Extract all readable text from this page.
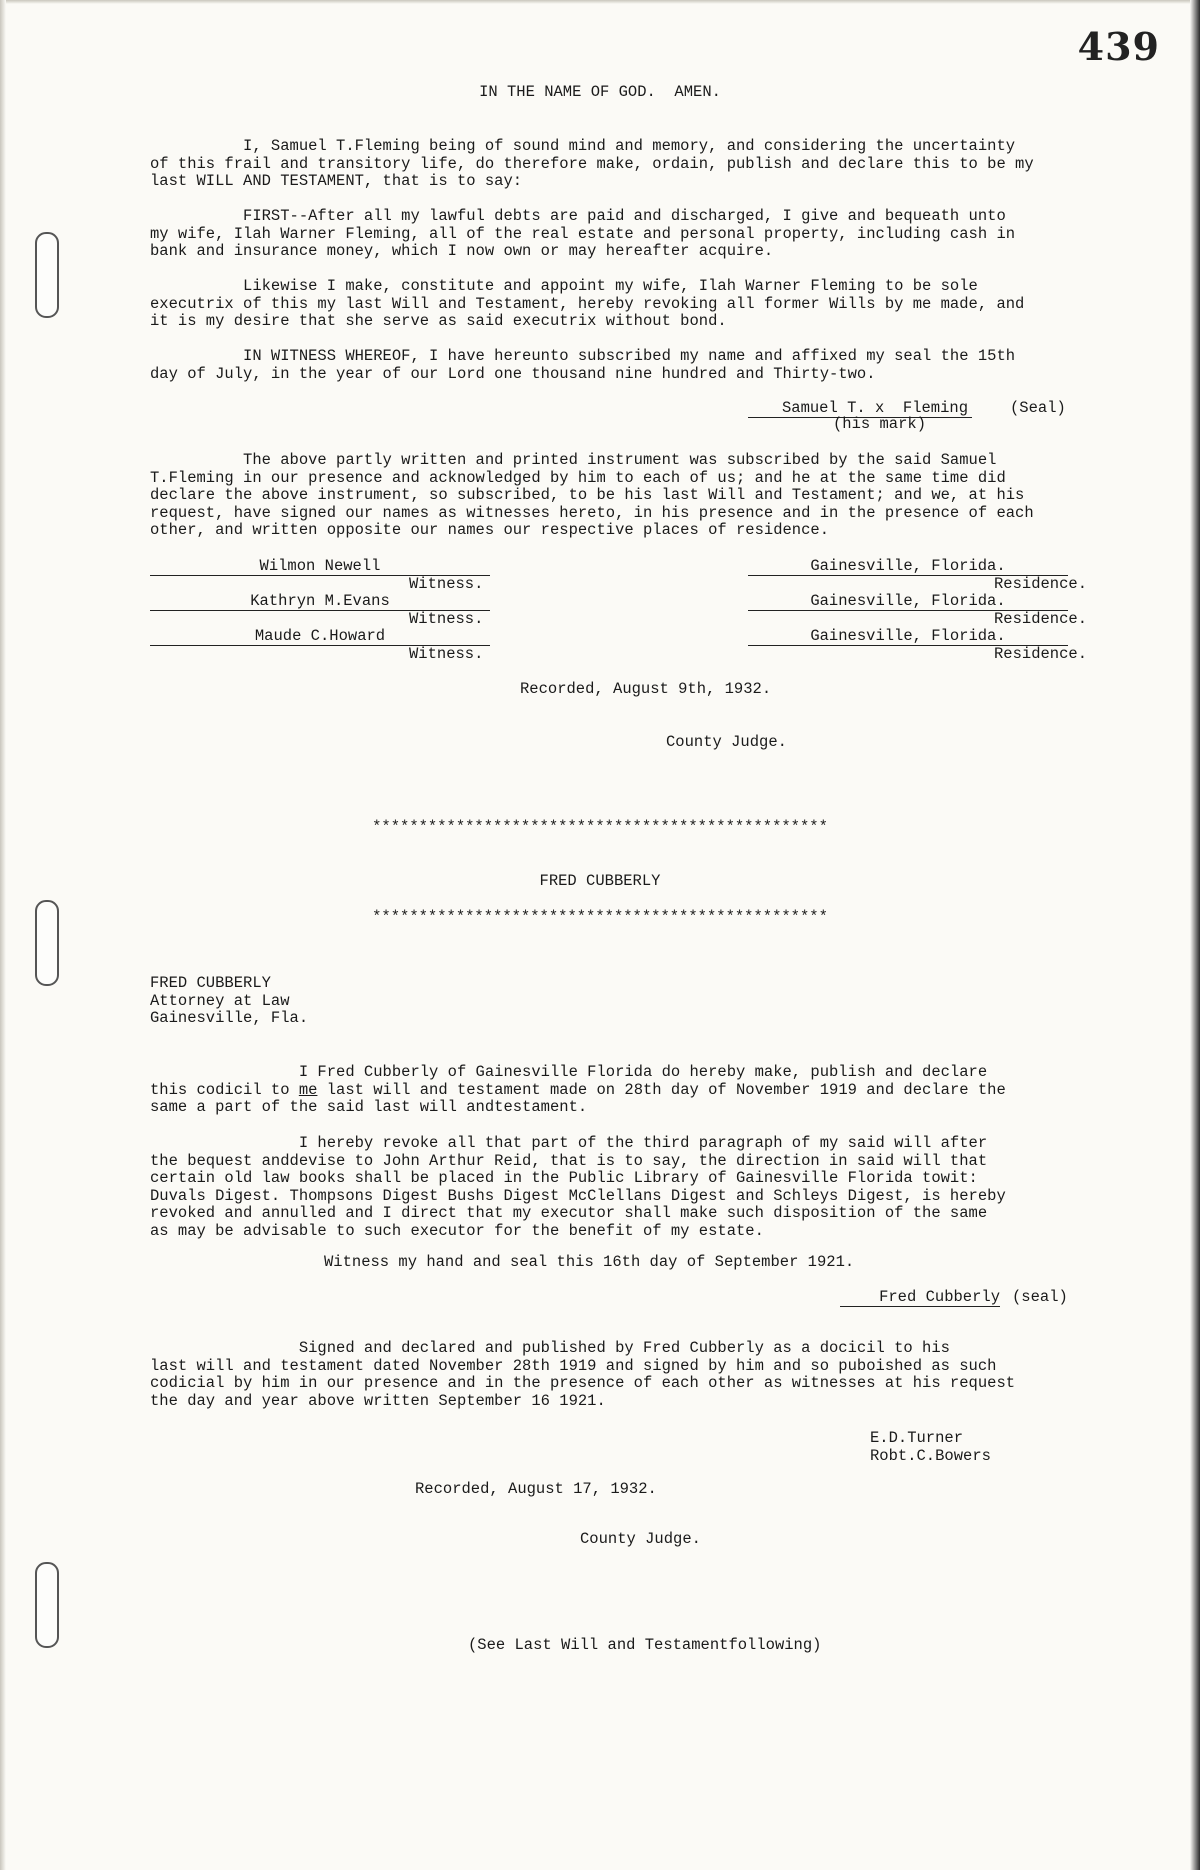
439
IN THE NAME OF GOD.  AMEN.
I, Samuel T.Fleming being of sound mind and memory, and considering the uncertainty
of this frail and transitory life, do therefore make, ordain, publish and declare this to be my
last WILL AND TESTAMENT, that is to say:
FIRST--After all my lawful debts are paid and discharged, I give and bequeath unto
my wife, Ilah Warner Fleming, all of the real estate and personal property, including cash in
bank and insurance money, which I now own or may hereafter acquire.
Likewise I make, constitute and appoint my wife, Ilah Warner Fleming to be sole
executrix of this my last Will and Testament, hereby revoking all former Wills by me made, and
it is my desire that she serve as said executrix without bond.
IN WITNESS WHEREOF, I have hereunto subscribed my name and affixed my seal the 15th
day of July, in the year of our Lord one thousand nine hundred and Thirty-two.
Samuel T. x  Fleming	(Seal)
(his mark)
The above partly written and printed instrument was subscribed by the said Samuel
T.Fleming in our presence and acknowledged by him to each of us; and he at the same time did
declare the above instrument, so subscribed, to be his last Will and Testament; and we, at his
request, have signed our names as witnesses hereto, in his presence and in the presence of each
other, and written opposite our names our respective places of residence.
Wilmon Newell
Witness.
Gainesville, Florida.
Residence.
Kathryn M.Evans
Witness.
Gainesville, Florida.
Residence.
Maude C.Howard
Witness.
Gainesville, Florida.
Residence.
Recorded, August 9th, 1932.
County Judge.
*************************************************
FRED CUBBERLY
*************************************************
FRED CUBBERLY
Attorney at Law
Gainesville, Fla.
I Fred Cubberly of Gainesville Florida do hereby make, publish and declare
this codicil to me last will and testament made on 28th day of November 1919 and declare the
same a part of the said last will andtestament.
I hereby revoke all that part of the third paragraph of my said will after
the bequest anddevise to John Arthur Reid, that is to say, the direction in said will that
certain old law books shall be placed in the Public Library of Gainesville Florida towit:
Duvals Digest. Thompsons Digest Bushs Digest McClellans Digest and Schleys Digest, is hereby
revoked and annulled and I direct that my executor shall make such disposition of the same
as may be advisable to such executor for the benefit of my estate.
Witness my hand and seal this 16th day of September 1921.
Fred Cubberly (seal)
Signed and declared and published by Fred Cubberly as a docicil to his
last will and testament dated November 28th 1919 and signed by him and so puboished as such
codicial by him in our presence and in the presence of each other as witnesses at his request
the day and year above written September 16 1921.
E.D.Turner
Robt.C.Bowers
Recorded, August 17, 1932.
County Judge.
(See Last Will and Testamentfollowing)
